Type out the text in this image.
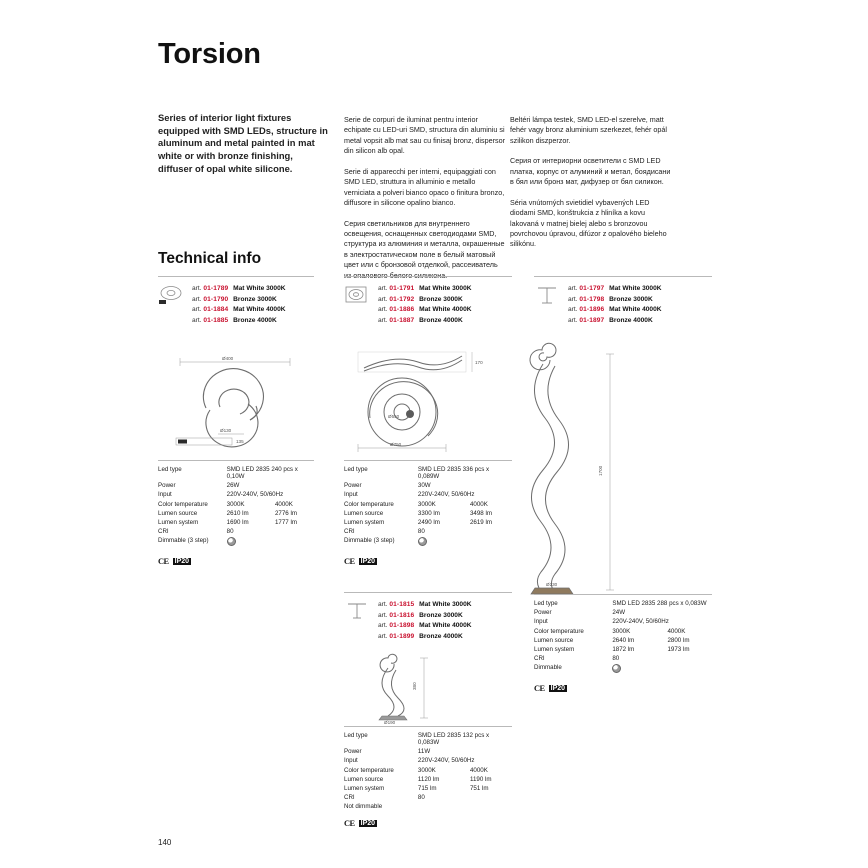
Torsion
Series of interior light fixtures equipped with SMD LEDs, structure in aluminum and metal painted in mat white or with bronze finishing, diffuser of opal white silicone.

Serie de corpuri de iluminat pentru interior echipate cu LED-uri SMD, structura din aluminiu si metal vopsit alb mat sau cu finisaj bronz, dispersor din silicon alb opal.

Serie di apparecchi per interni, equipaggiati con SMD LED, struttura in alluminio e metallo verniciata a polveri bianco opaco o finitura bronzo, diffusore in silicone opalino bianco.

Серия светильников для внутреннего освещения, оснащенных светодиодами SMD, структура из алюминия и металла, окрашенные в электростатическом поле в белый матовый цвет или с бронзовой отделкой, рассеиватель из опалового белого силикона.

Beltéri lámpa testek, SMD LED-el szerelve, matt fehér vagy bronz aluminium szerkezet, fehér opál szilikon diszperzor.

Серия от интериорни осветители с SMD LED платка, корпус от алуминий и метал, боядисани в бял или бронз мат, дифузер от бял силикон.

Séria vnútorných svietidiel vybavených LED diodami SMD, konštrukcia z hliníka a kovu lakovaná v matnej bielej alebo s bronzovou povrchovou úpravou, difúzor z opalového bieleho silikónu.

Technical info
art. 01-1789 Mat White 3000K
art. 01-1790 Bronze 3000K
art. 01-1884 Mat White 4000K
art. 01-1885 Bronze 4000K
Ø400
Ø130
135
Led type	SMD LED 2835 240 pcs x 0,10W	
Power	26W	
Input	220V-240V, 50/60Hz	
Color temperature	3000K	4000K
Lumen source	2610 lm	2776 lm
Lumen system	1690 lm	1777 lm
CRI	80	
Dimmable (3 step)		
CE IP20
art. 01-1791 Mat White 3000K
art. 01-1792 Bronze 3000K
art. 01-1886 Mat White 4000K
art. 01-1887 Bronze 4000K
170
Ø750
Ø550
Led type	SMD LED 2835 336 pcs x 0,089W	
Power	30W	
Input	220V-240V, 50/60Hz	
Color temperature	3000K	4000K
Lumen source	3300 lm	3498 lm
Lumen system	2490 lm	2619 lm
CRI	80	
Dimmable (3 step)		
CE IP20
art. 01-1797 Mat White 3000K
art. 01-1798 Bronze 3000K
art. 01-1896 Mat White 4000K
art. 01-1897 Bronze 4000K
1700
Ø230
Led type	SMD LED 2835 288 pcs x 0,083W	
Power	24W	
Input	220V-240V, 50/60Hz	
Color temperature	3000K	4000K
Lumen source	2640 lm	2800 lm
Lumen system	1872 lm	1973 lm
CRI	80	
Dimmable		
CE IP20
art. 01-1815 Mat White 3000K
art. 01-1816 Bronze 3000K
art. 01-1898 Mat White 4000K
art. 01-1899 Bronze 4000K
380
Ø190
Led type	SMD LED 2835 132 pcs x 0,083W	
Power	11W	
Input	220V-240V, 50/60Hz	
Color temperature	3000K	4000K
Lumen source	1120 lm	1190 lm
Lumen system	715 lm	751 lm
CRI	80	
Not dimmable		
CE IP20
140
